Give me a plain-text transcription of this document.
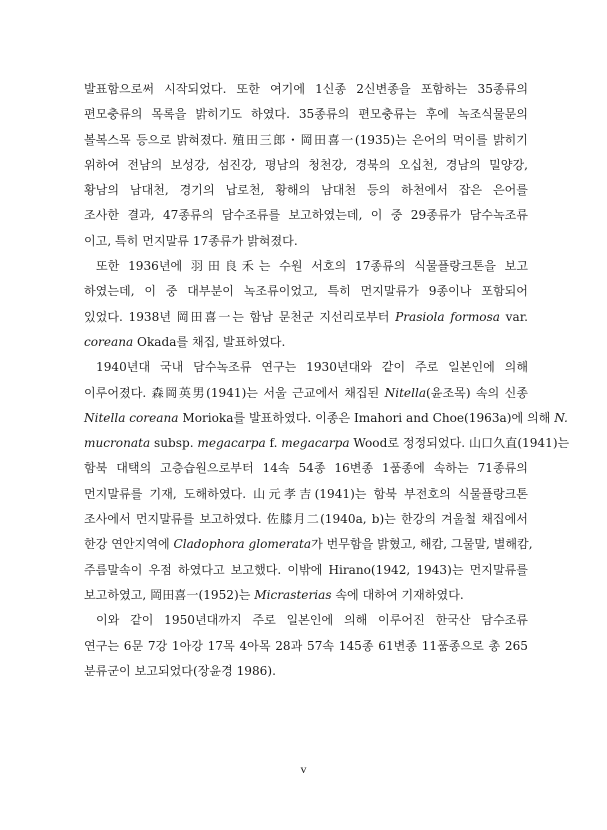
발표함으로써 시작되었다. 또한 여기에 1신종 2신변종을 포함하는 35종류의
편모충류의 목록을 밝히기도 하였다. 35종류의 편모충류는 후에 녹조식물문의
볼복스목 등으로 밝혀졌다. 殖田三郎・岡田喜一(1935)는 은어의 먹이를 밝히기
위하여 전남의 보성강, 섬진강, 평남의 청천강, 경북의 오십천, 경남의 밀양강,
황남의 남대천, 경기의 납로천, 황해의 남대천 등의 하천에서 잡은 은어를
조사한 결과, 47종류의 담수조류를 보고하였는데, 이 중 29종류가 담수녹조류
이고, 특히 먼지말류 17종류가 밝혀졌다.
또한 1936년에 羽田良禾는 수원 서호의 17종류의 식물플랑크톤을 보고
하였는데, 이 중 대부분이 녹조류이었고, 특히 먼지말류가 9종이나 포함되어
있었다. 1938년 岡田喜一는 함남 문천군 지선리로부터 Prasiola formosa var.
coreana Okada를 채집, 발표하였다.
1940년대 국내 담수녹조류 연구는 1930년대와 같이 주로 일본인에 의해
이루어졌다. 森岡英男(1941)는 서울 근교에서 채집된 Nitella(윤조목) 속의 신종
Nitella coreana Morioka를 발표하였다. 이종은 Imahori and Choe(1963a)에 의해 N.
mucronata subsp. megacarpa f. megacarpa Wood로 정정되었다. 山口久直(1941)는
함북 대택의 고층습원으로부터 14속 54종 16변종 1품종에 속하는 71종류의
먼지말류를 기재, 도해하였다. 山元孝吉(1941)는 함북 부전호의 식물플랑크톤
조사에서 먼지말류를 보고하였다. 佐膝月二(1940a, b)는 한강의 겨울철 채집에서
한강 연안지역에 Cladophora glomerata가 번무함을 밝혔고, 해캄, 그물말, 별해캄,
주름말속이 우점 하였다고 보고했다. 이밖에 Hirano(1942, 1943)는 먼지말류를
보고하였고, 岡田喜一(1952)는 Micrasterias 속에 대하여 기재하였다.
이와 같이 1950년대까지 주로 일본인에 의해 이루어진 한국산 담수조류
연구는 6문 7강 1아강 17목 4아목 28과 57속 145종 61변종 11품종으로 총 265
분류군이 보고되었다(장윤경 1986).
v
